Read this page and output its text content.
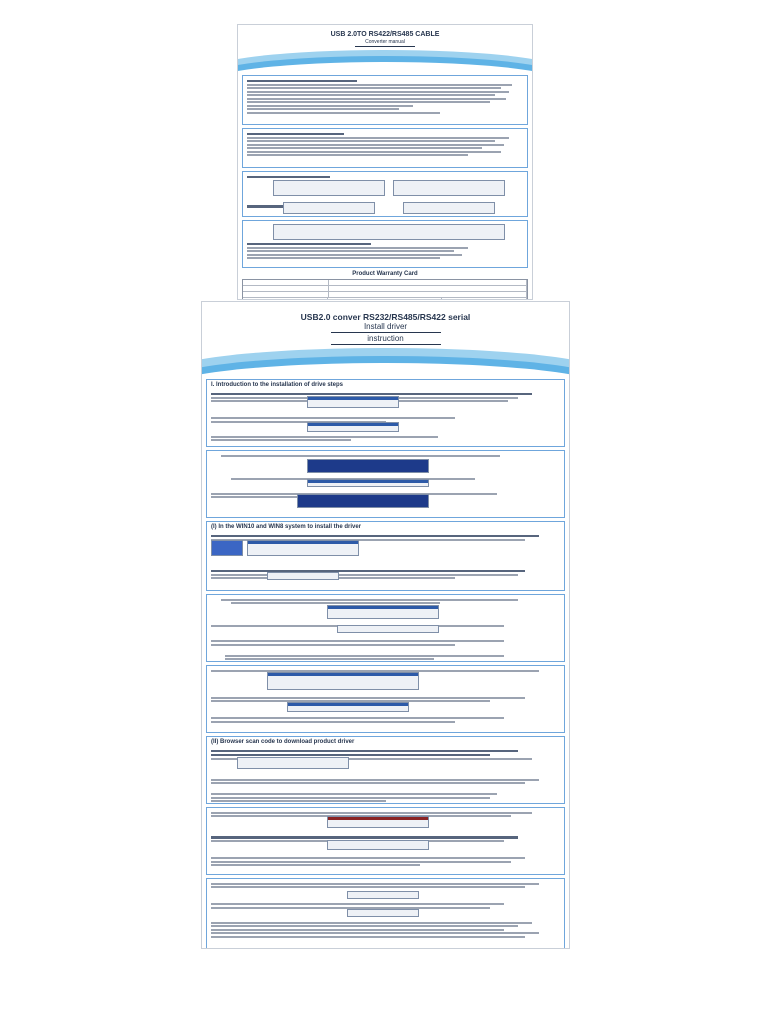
USB 2.0TO RS422/RS485 CABLE
Converter manual
Product Warranty Card
USB2.0 conver RS232/RS485/RS422 serial
Install driver
instruction
I. Introduction to the installation of drive steps
(I) In the WIN10 and WIN8 system to install the driver
(II) Browser scan code to download product driver
